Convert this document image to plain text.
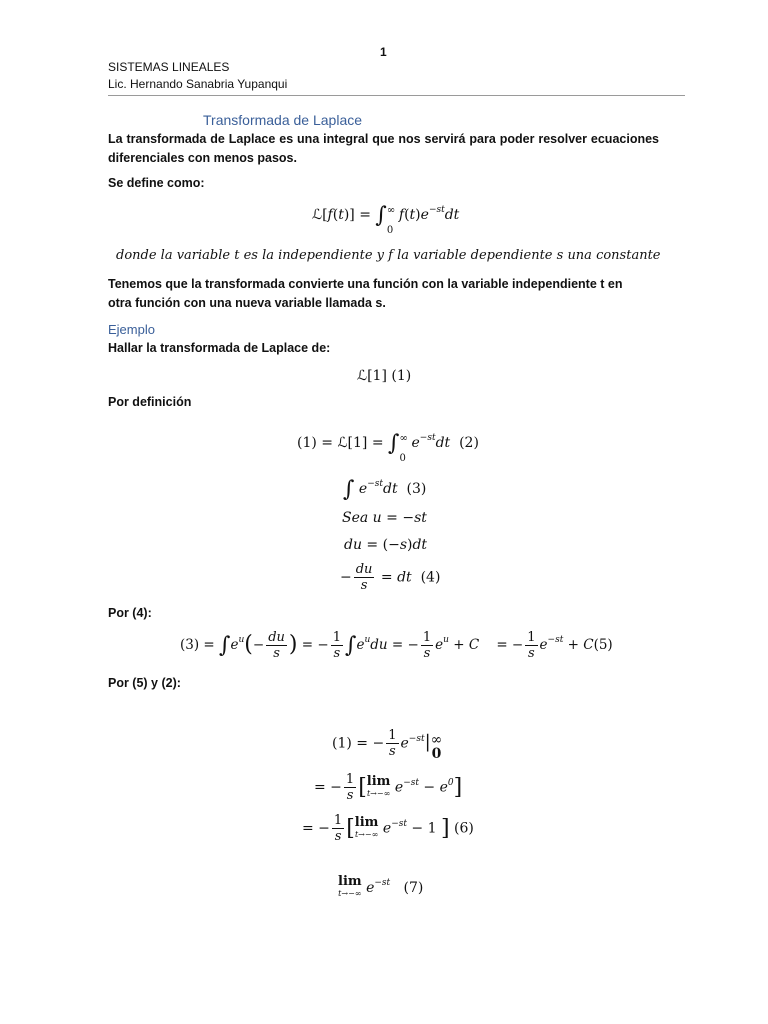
1
SISTEMAS LINEALES
Lic. Hernando Sanabria Yupanqui
Transformada de Laplace
La transformada de Laplace es una integral que nos servirá para poder resolver ecuaciones diferenciales con menos pasos.
Se define como:
ℒ[f(t)] = ∫ ∞
0
$f(t)e^{-st}dt$
donde la variable t es la independiente y f la variable dependiente s una constante
Tenemos que la transformada convierte una función con la variable independiente t en otra función con una nueva variable llamada s.
Ejemplo
Hallar la transformada de Laplace de:
ℒ[1] (1)
Por definición
(1) = ℒ[1] = ∫ ∞
0
$e^{-st}dt$ (2)
∫ $e^{-st}dt$ (3)
Sea u = −st
du = (−s)dt
− $\frac{du}{s}$ = dt (4)
Por (4):
$(3) = \int e^u(- \frac{du}{s}$ ) = − $\frac{1}{s} \int e^udu$ = − $\frac{1}{s} e^u + C$    = − $\frac{1}{s} e^{-st} + C(5)$
Por (5) y (2):
(1) = − $\frac{1}{s} e^{-st}|$ ∞
0
= − $\frac{1}{s}$ [ lim
t→−∞ $e^{-st} - e^0$]
= − $\frac{1}{s}$ [ lim
t→−∞ $e^{-st} - 1$ ] (6)
lim
t→−∞ $e^{-st}$ (7)
